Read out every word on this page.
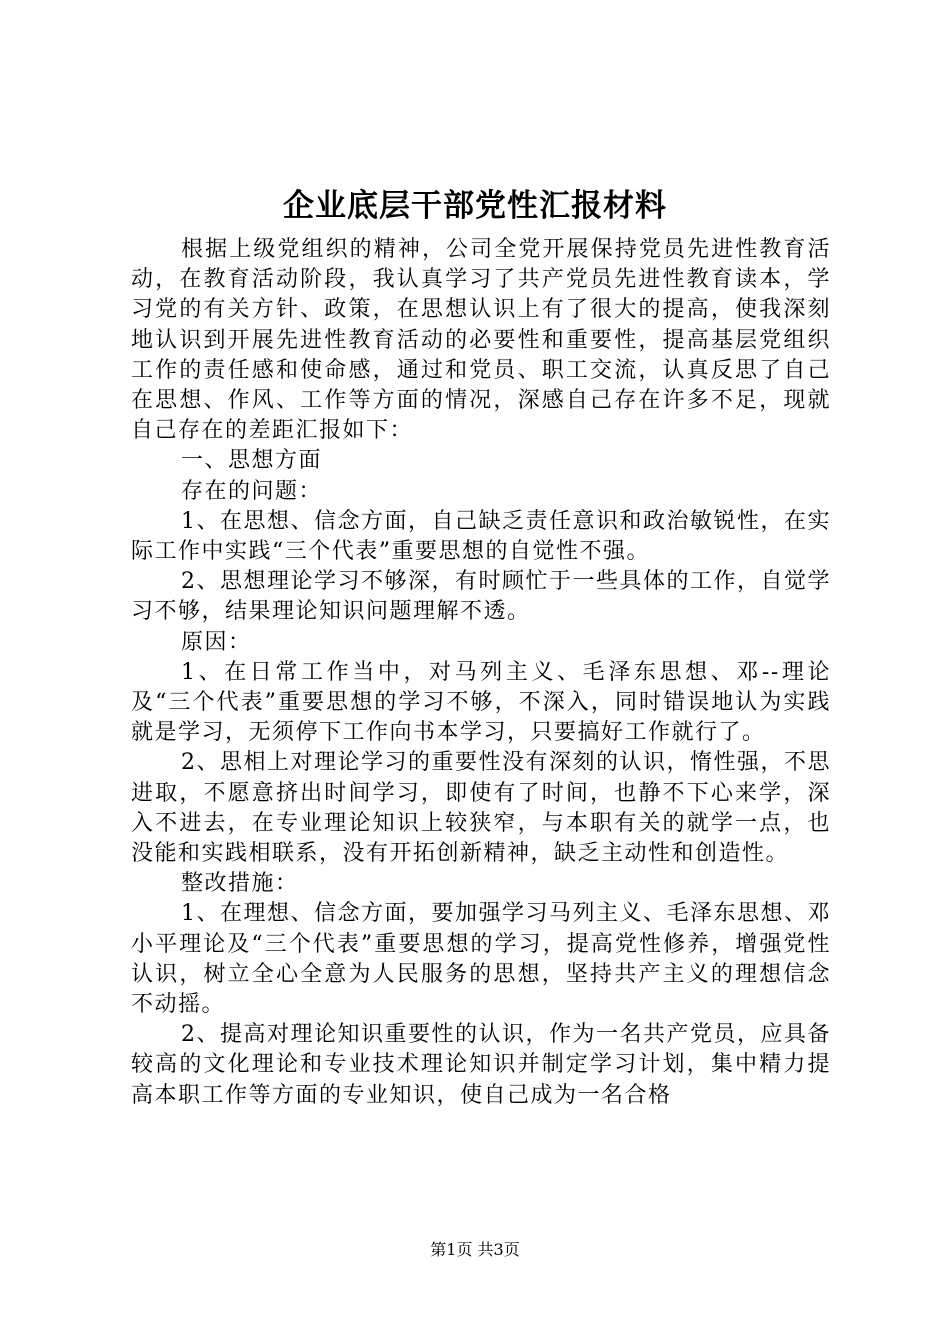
企业底层干部党性汇报材料

根据上级党组织的精神，公司全党开展保持党员先进性教育活动，在教育活动阶段，我认真学习了共产党员先进性教育读本，学习党的有关方针、政策，在思想认识上有了很大的提高，使我深刻地认识到开展先进性教育活动的必要性和重要性，提高基层党组织工作的责任感和使命感，通过和党员、职工交流，认真反思了自己在思想、作风、工作等方面的情况，深感自己存在许多不足，现就自己存在的差距汇报如下：

一、思想方面

存在的问题：

1、在思想、信念方面，自己缺乏责任意识和政治敏锐性，在实际工作中实践“三个代表”重要思想的自觉性不强。

2、思想理论学习不够深，有时顾忙于一些具体的工作，自觉学习不够，结果理论知识问题理解不透。

原因：

1、在日常工作当中，对马列主义、毛泽东思想、邓--理论及“三个代表”重要思想的学习不够，不深入，同时错误地认为实践就是学习，无须停下工作向书本学习，只要搞好工作就行了。

2、思相上对理论学习的重要性没有深刻的认识，惰性强，不思进取，不愿意挤出时间学习，即使有了时间，也静不下心来学，深入不进去，在专业理论知识上较狭窄，与本职有关的就学一点，也没能和实践相联系，没有开拓创新精神，缺乏主动性和创造性。

整改措施：

1、在理想、信念方面，要加强学习马列主义、毛泽东思想、邓小平理论及“三个代表”重要思想的学习，提高党性修养，增强党性认识，树立全心全意为人民服务的思想，坚持共产主义的理想信念不动摇。

2、提高对理论知识重要性的认识，作为一名共产党员，应具备较高的文化理论和专业技术理论知识并制定学习计划，集中精力提高本职工作等方面的专业知识，使自己成为一名合格

第1页 共3页
